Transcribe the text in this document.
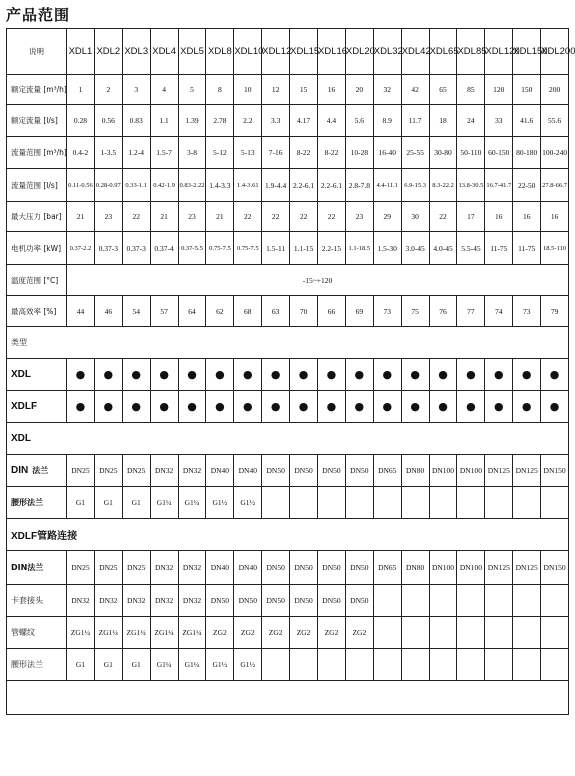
产品范围
说明	XDL1	XDL2	XDL3	XDL4	XDL5	XDL8	XDL10	XDL12	XDL15	XDL16	XDL20	XDL32	XDL42	XDL65	XDL85	XDL120	XDL150	XDL200
额定流量 [m³/h]	1	2	3	4	5	8	10	12	15	16	20	32	42	65	85	120	150	200
额定流量 [l/s]	0.28	0.56	0.83	1.1	1.39	2.78	2.2	3.3	4.17	4.4	5.6	8.9	11.7	18	24	33	41.6	55.6
流量范围 [m³/h]	0.4-2	1-3.5	1.2-4	1.5-7	3-8	5-12	5-13	7-16	8-22	8-22	10-28	16-40	25-55	30-80	50-110	60-150	80-180	100-240
流量范围 [l/s]	0.11-0.56	0.28-0.97	0.33-1.1	0.42-1.9	0.83-2.22	1.4-3.3	1.4-3.61	1.9-4.4	2.2-6.1	2.2-6.1	2.8-7.8	4.4-11.1	6.9-15.3	8.3-22.2	13.8-30.5	16.7-41.7	22-50	27.8-66.7
最大压力 [bar]	21	23	22	21	23	21	22	22	22	22	23	29	30	22	17	16	16	16
电机功率 [kW]	0.37-2.2	0.37-3	0.37-3	0.37-4	0.37-5.5	0.75-7.5	0.75-7.5	1.5-11	1.1-15	2.2-15	1.1-18.5	1.5-30	3.0-45	4.0-45	5.5-45	11-75	11-75	18.5-110
温度范围 [°C]	-15~+120																	
最高效率 [%]	44	46	54	57	64	62	68	63	70	66	69	73	75	76	77	74	73	79
类型																		
XDL	●	●	●	●	●	●	●	●	●	●	●	●	●	●	●	●	●	●
XDLF	●	●	●	●	●	●	●	●	●	●	●	●	●	●	●	●	●	●
XDL																		
DIN 法兰	DN25	DN25	DN25	DN32	DN32	DN40	DN40	DN50	DN50	DN50	DN50	DN65	DN80	DN100	DN100	DN125	DN125	DN150
腰形法兰	G1	G1	G1	G1¼	G1¼	G1½	G1½											
XDLF管路连接																		
DIN法兰	DN25	DN25	DN25	DN32	DN32	DN40	DN40	DN50	DN50	DN50	DN50	DN65	DN80	DN100	DN100	DN125	DN125	DN150
卡套接头	DN32	DN32	DN32	DN32	DN32	DN50	DN50	DN50	DN50	DN50	DN50							
管螺纹	ZG1¼	ZG1¼	ZG1¼	ZG1¼	ZG1¼	ZG2	ZG2	ZG2	ZG2	ZG2	ZG2							
腰形法兰	G1	G1	G1	G1¼	G1¼	G1½	G1½											
